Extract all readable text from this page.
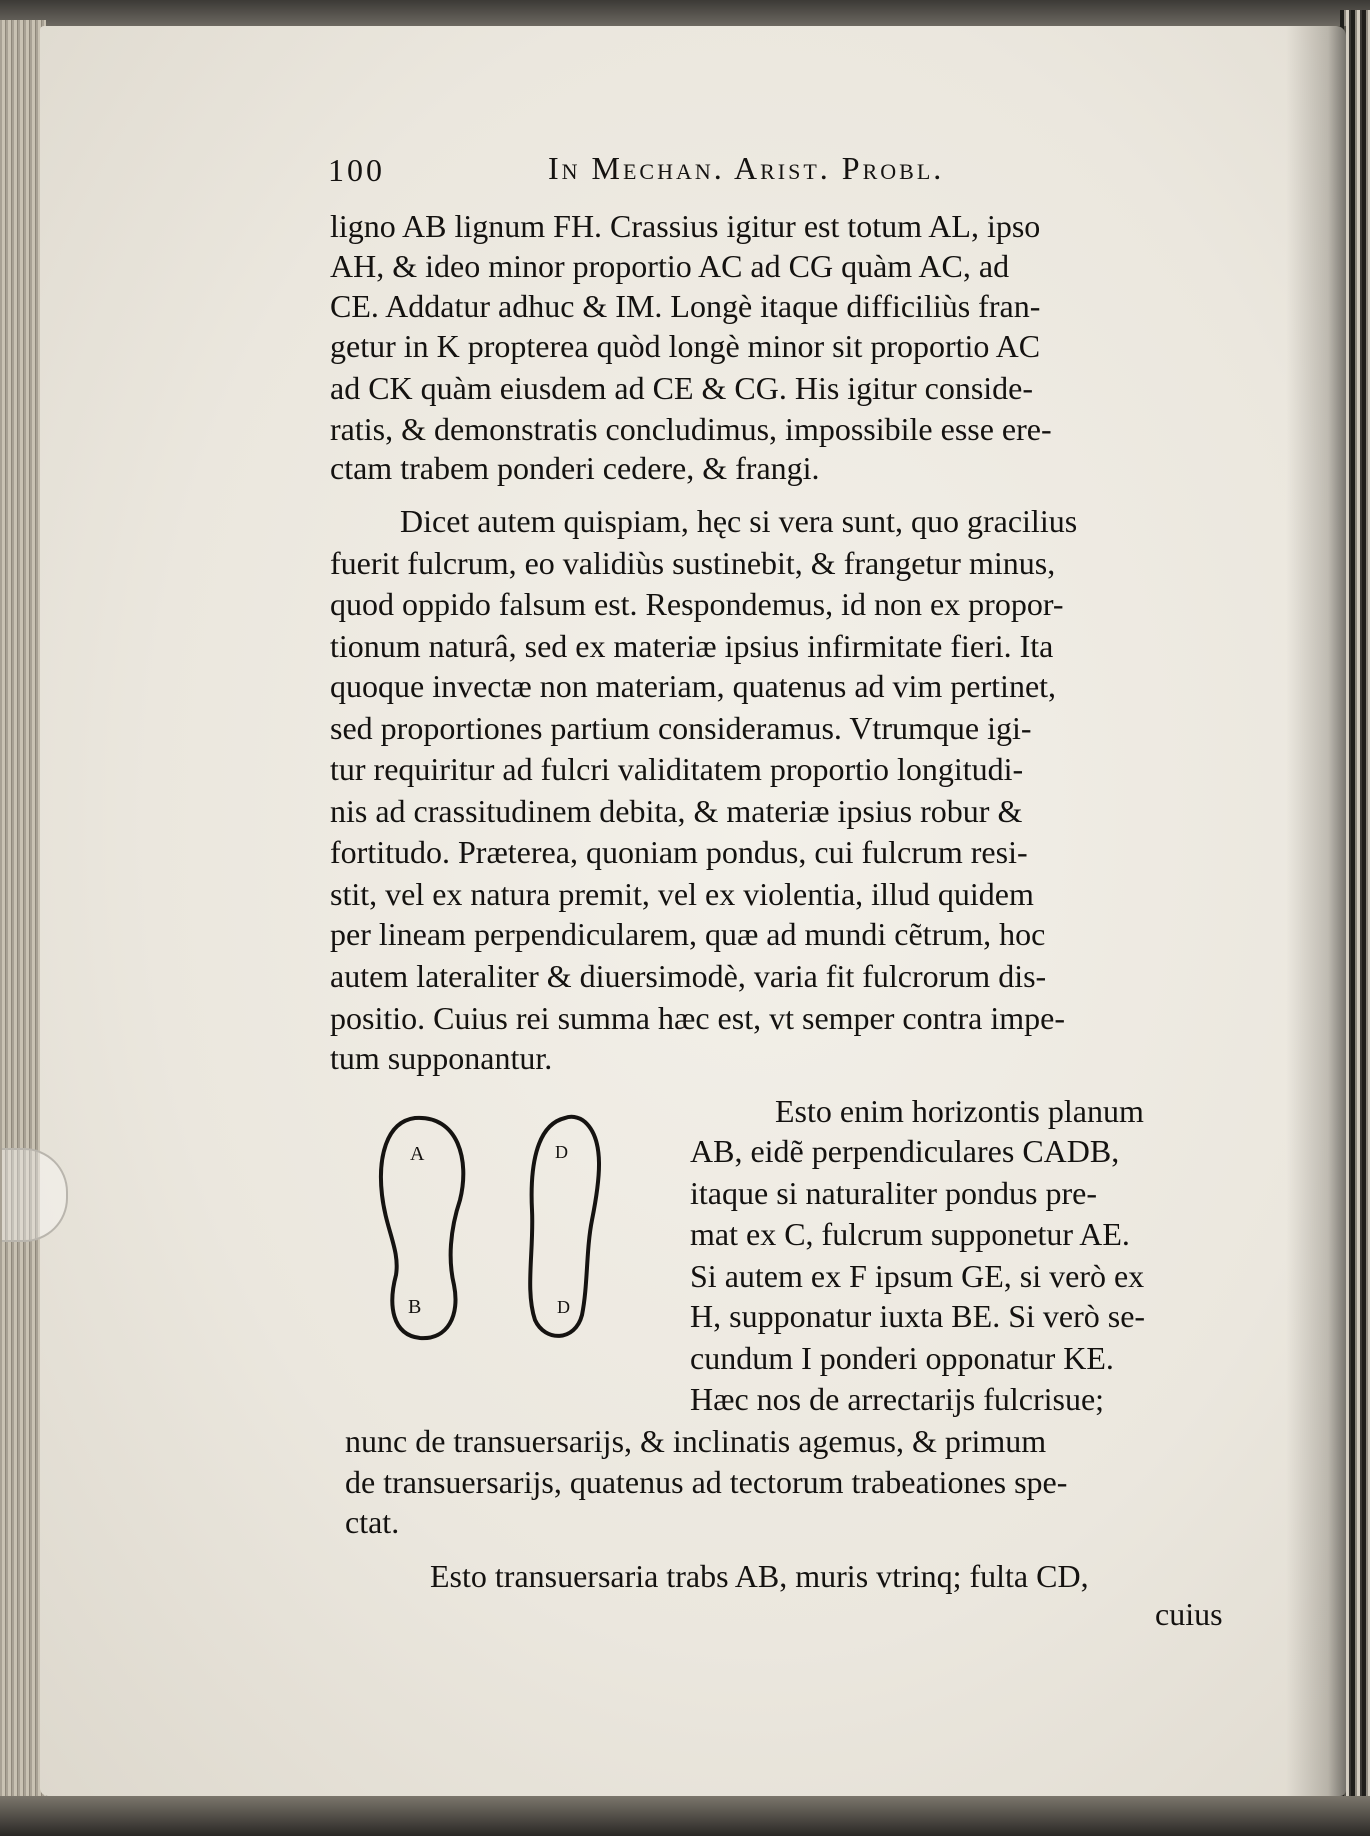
100	In Mechan. Arist. Probl.
ligno AB lignum FH. Crassius igitur est totum AL, ipso
AH, & ideo minor proportio AC ad CG quàm AC, ad
CE. Addatur adhuc & IM. Longè itaque difficiliùs fran-
getur in K propterea quòd longè minor sit proportio AC
ad CK quàm eiusdem ad CE & CG. His igitur conside-
ratis, & demonstratis concludimus, impossibile esse ere-
ctam trabem ponderi cedere, & frangi.
Dicet autem quispiam, hęc si vera sunt, quo gracilius
fuerit fulcrum, eo validiùs sustinebit, & frangetur minus,
quod oppido falsum est. Respondemus, id non ex propor-
tionum naturâ, sed ex materiæ ipsius infirmitate fieri. Ita
quoque invectæ non materiam, quatenus ad vim pertinet,
sed proportiones partium consideramus. Vtrumque igi-
tur requiritur ad fulcri validitatem proportio longitudi-
nis ad crassitudinem debita, & materiæ ipsius robur &
fortitudo. Præterea, quoniam pondus, cui fulcrum resi-
stit, vel ex natura premit, vel ex violentia, illud quidem
per lineam perpendicularem, quæ ad mundi cẽtrum, hoc
autem lateraliter & diuersimodè, varia fit fulcrorum dis-
positio. Cuius rei summa hæc est, vt semper contra impe-
tum supponantur.
Esto enim horizontis planum
AB, eidẽ perpendiculares CADB,
itaque si naturaliter pondus pre-
mat ex C, fulcrum supponetur AE.
Si autem ex F ipsum GE, si verò ex
H, supponatur iuxta BE. Si verò se-
cundum I ponderi opponatur KE.
Hæc nos de arrectarijs fulcrisue;
nunc de transuersarijs, & inclinatis agemus, & primum
de transuersarijs, quatenus ad tectorum trabeationes spe-
ctat.
Esto transuersaria trabs AB, muris vtrinq; fulta CD,
cuius
A
B
D
D
